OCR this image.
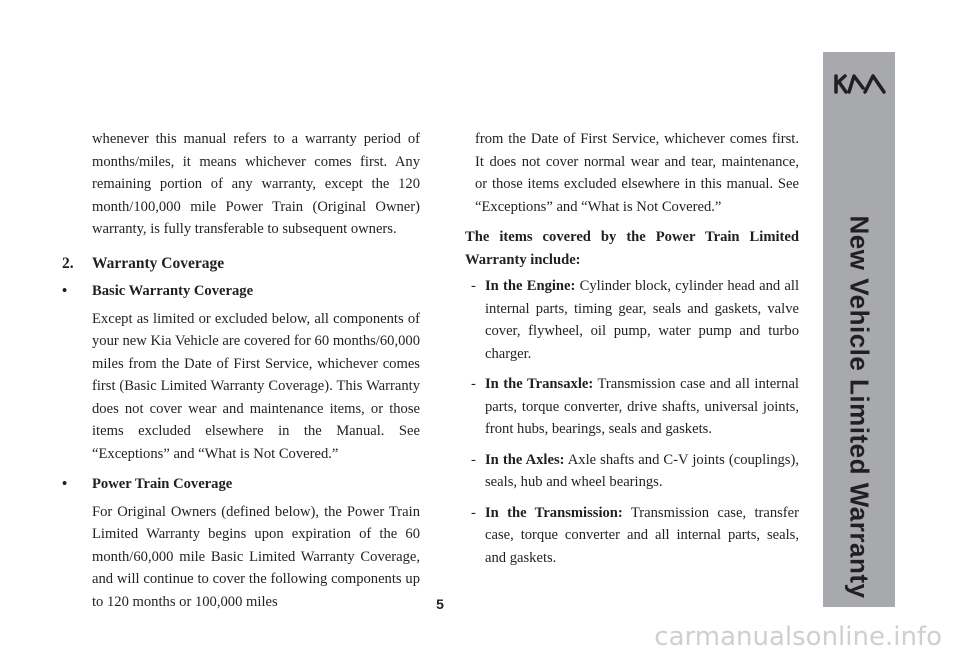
whenever this manual refers to a warranty period of months/miles, it means whichever comes first. Any remaining portion of any warranty, except the 120 month/100,000 mile Power Train (Original Owner) warranty, is fully transferable to subsequent owners.

2. Warranty Coverage
•	Basic Warranty Coverage

Except as limited or excluded below, all components of your new Kia Vehicle are covered for 60 months/60,000 miles from the Date of First Service, whichever comes first (Basic Limited Warranty Coverage). This Warranty does not cover wear and maintenance items, or those items excluded elsewhere in the Manual. See “Exceptions” and “What is Not Covered.”

•	Power Train Coverage

For Original Owners (defined below), the Power Train Limited Warranty begins upon expiration of the 60 month/60,000 mile Basic Limited Warranty Coverage, and will continue to cover the following components up to 120 months or 100,000 miles

from the Date of First Service, whichever comes first. It does not cover normal wear and tear, maintenance, or those items excluded elsewhere in this manual. See “Exceptions” and “What is Not Covered.”

The items covered by the Power Train Limited Warranty include:

- In the Engine: Cylinder block, cylinder head and all internal parts, timing gear, seals and gaskets, valve cover, flywheel, oil pump, water pump and turbo charger.
- In the Transaxle: Transmission case and all internal parts, torque converter, drive shafts, universal joints, front hubs, bearings, seals and gaskets.
- In the Axles: Axle shafts and C-V joints (couplings), seals, hub and wheel bearings.
- In the Transmission: Transmission case, transfer case, torque converter and all internal parts, seals, and gaskets.
5
New Vehicle Limited Warranty
carmanualsonline.info
